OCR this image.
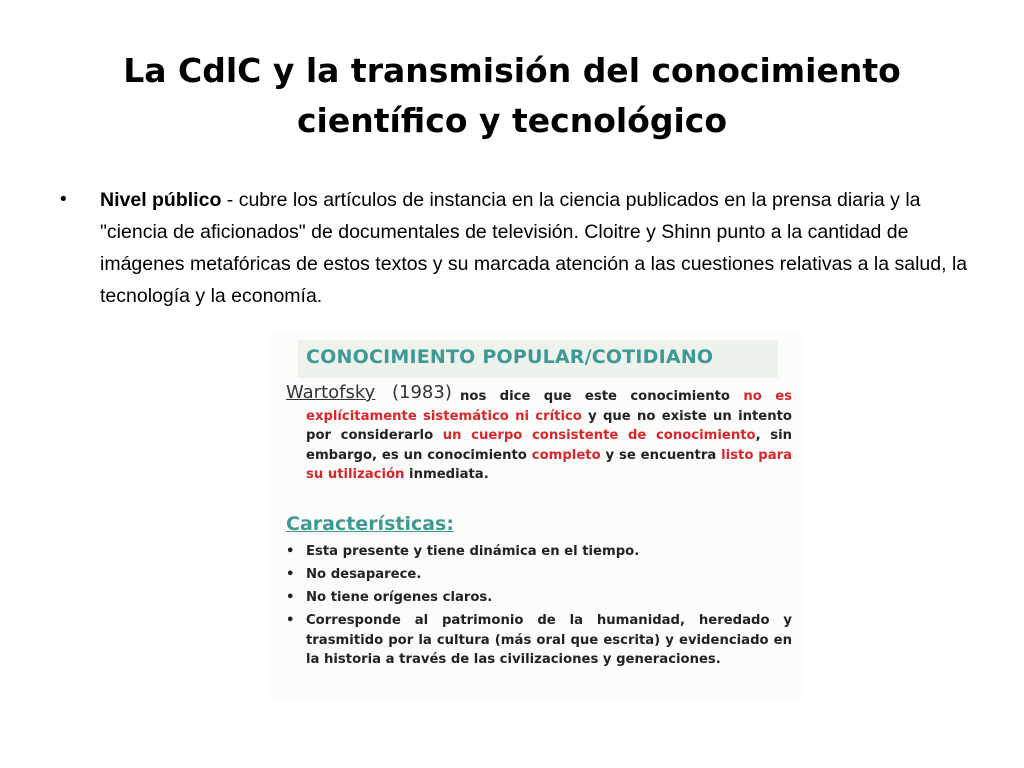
La CdlC y la transmisión del conocimiento científico y tecnológico
• Nivel público - cubre los artículos de instancia en la ciencia publicados en la prensa diaria y la "ciencia de aficionados" de documentales de televisión. Cloitre y Shinn punto a la cantidad de imágenes metafóricas de estos textos y su marcada atención a las cuestiones relativas a la salud, la tecnología y la economía.
CONOCIMIENTO POPULAR/COTIDIANO
Wartofsky (1983) nos dice que este conocimiento no es explícitamente sistemático ni crítico y que no existe un intento por considerarlo un cuerpo consistente de conocimiento, sin embargo, es un conocimiento completo y se encuentra listo para su utilización inmediata.
Características:
• Esta presente y tiene dinámica en el tiempo.
• No desaparece.
• No tiene orígenes claros.
• Corresponde al patrimonio de la humanidad, heredado y trasmitido por la cultura (más oral que escrita) y evidenciado en la historia a través de las civilizaciones y generaciones.
